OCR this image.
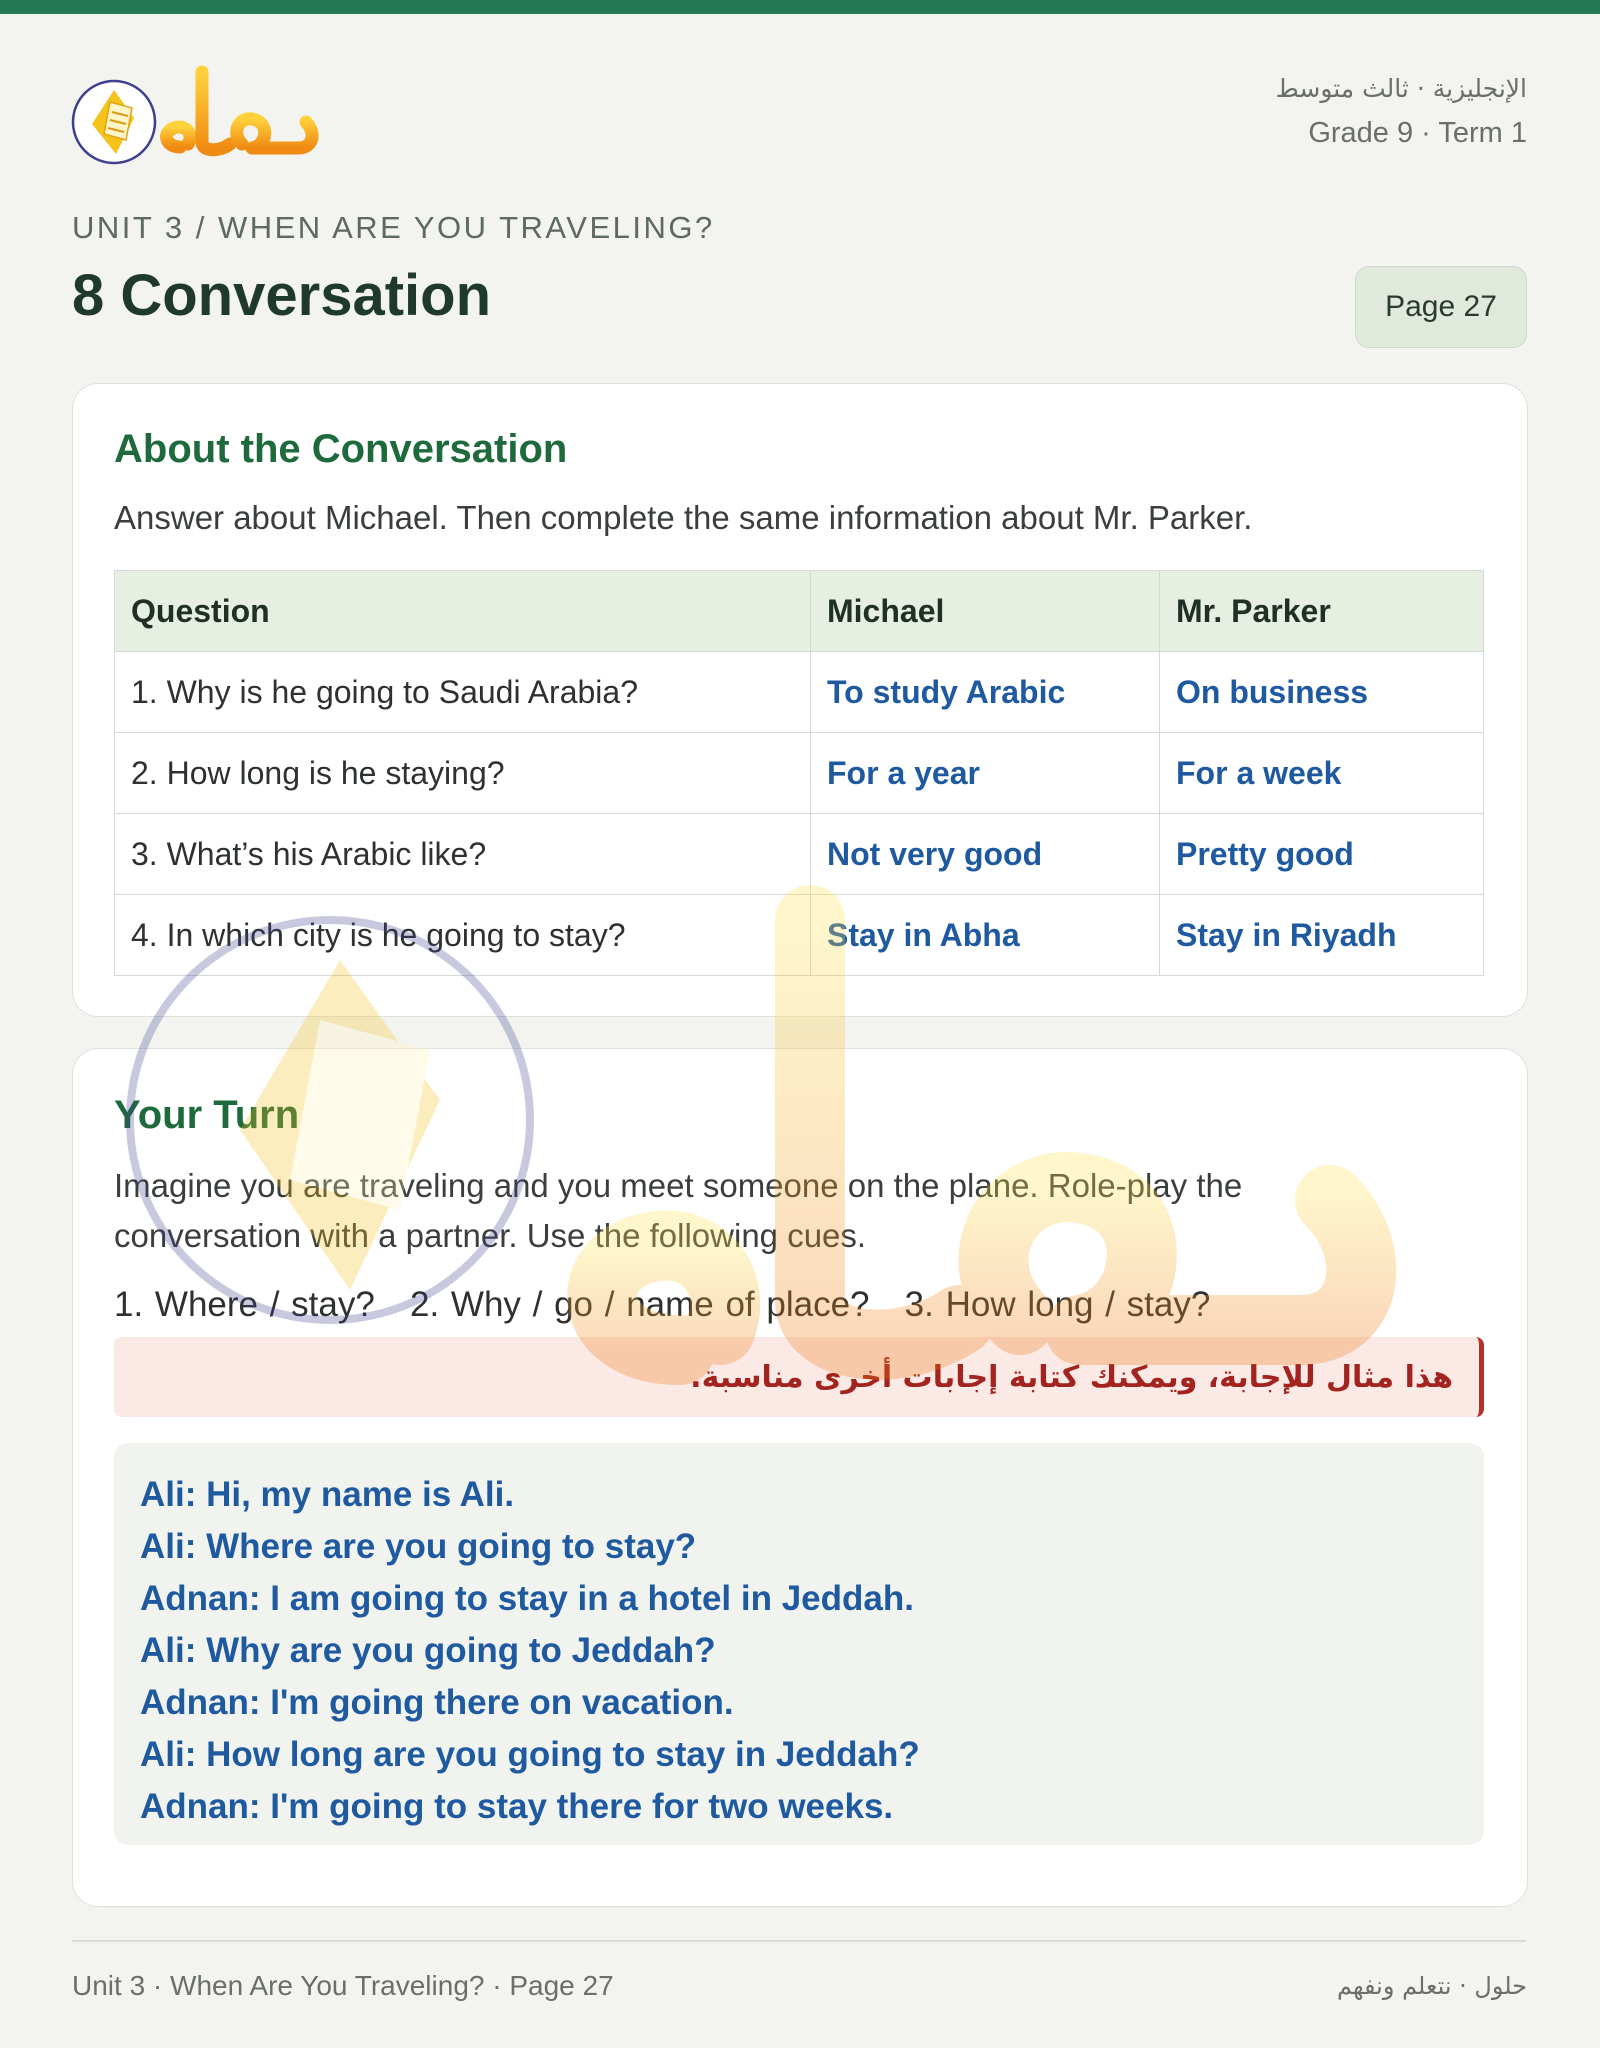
الإنجليزية · ثالث متوسط
Grade 9 · Term 1
UNIT 3 / WHEN ARE YOU TRAVELING?
8 Conversation	Page 27
About the Conversation
Answer about Michael. Then complete the same information about Mr. Parker.
Question	Michael	Mr. Parker
1. Why is he going to Saudi Arabia?	To study Arabic	On business
2. How long is he staying?	For a year	For a week
3. What’s his Arabic like?	Not very good	Pretty good
4. In which city is he going to stay?	Stay in Abha	Stay in Riyadh
Your Turn
Imagine you are traveling and you meet someone on the plane. Role-play the conversation with a partner. Use the following cues.
1. Where / stay?   2. Why / go / name of place?   3. How long / stay?
هذا مثال للإجابة، ويمكنك كتابة إجابات أخرى مناسبة.
Ali: Hi, my name is Ali.
Ali: Where are you going to stay?
Adnan: I am going to stay in a hotel in Jeddah.
Ali: Why are you going to Jeddah?
Adnan: I'm going there on vacation.
Ali: How long are you going to stay in Jeddah?
Adnan: I'm going to stay there for two weeks.
Unit 3 · When Are You Traveling? · Page 27	حلول · نتعلم ونفهم
